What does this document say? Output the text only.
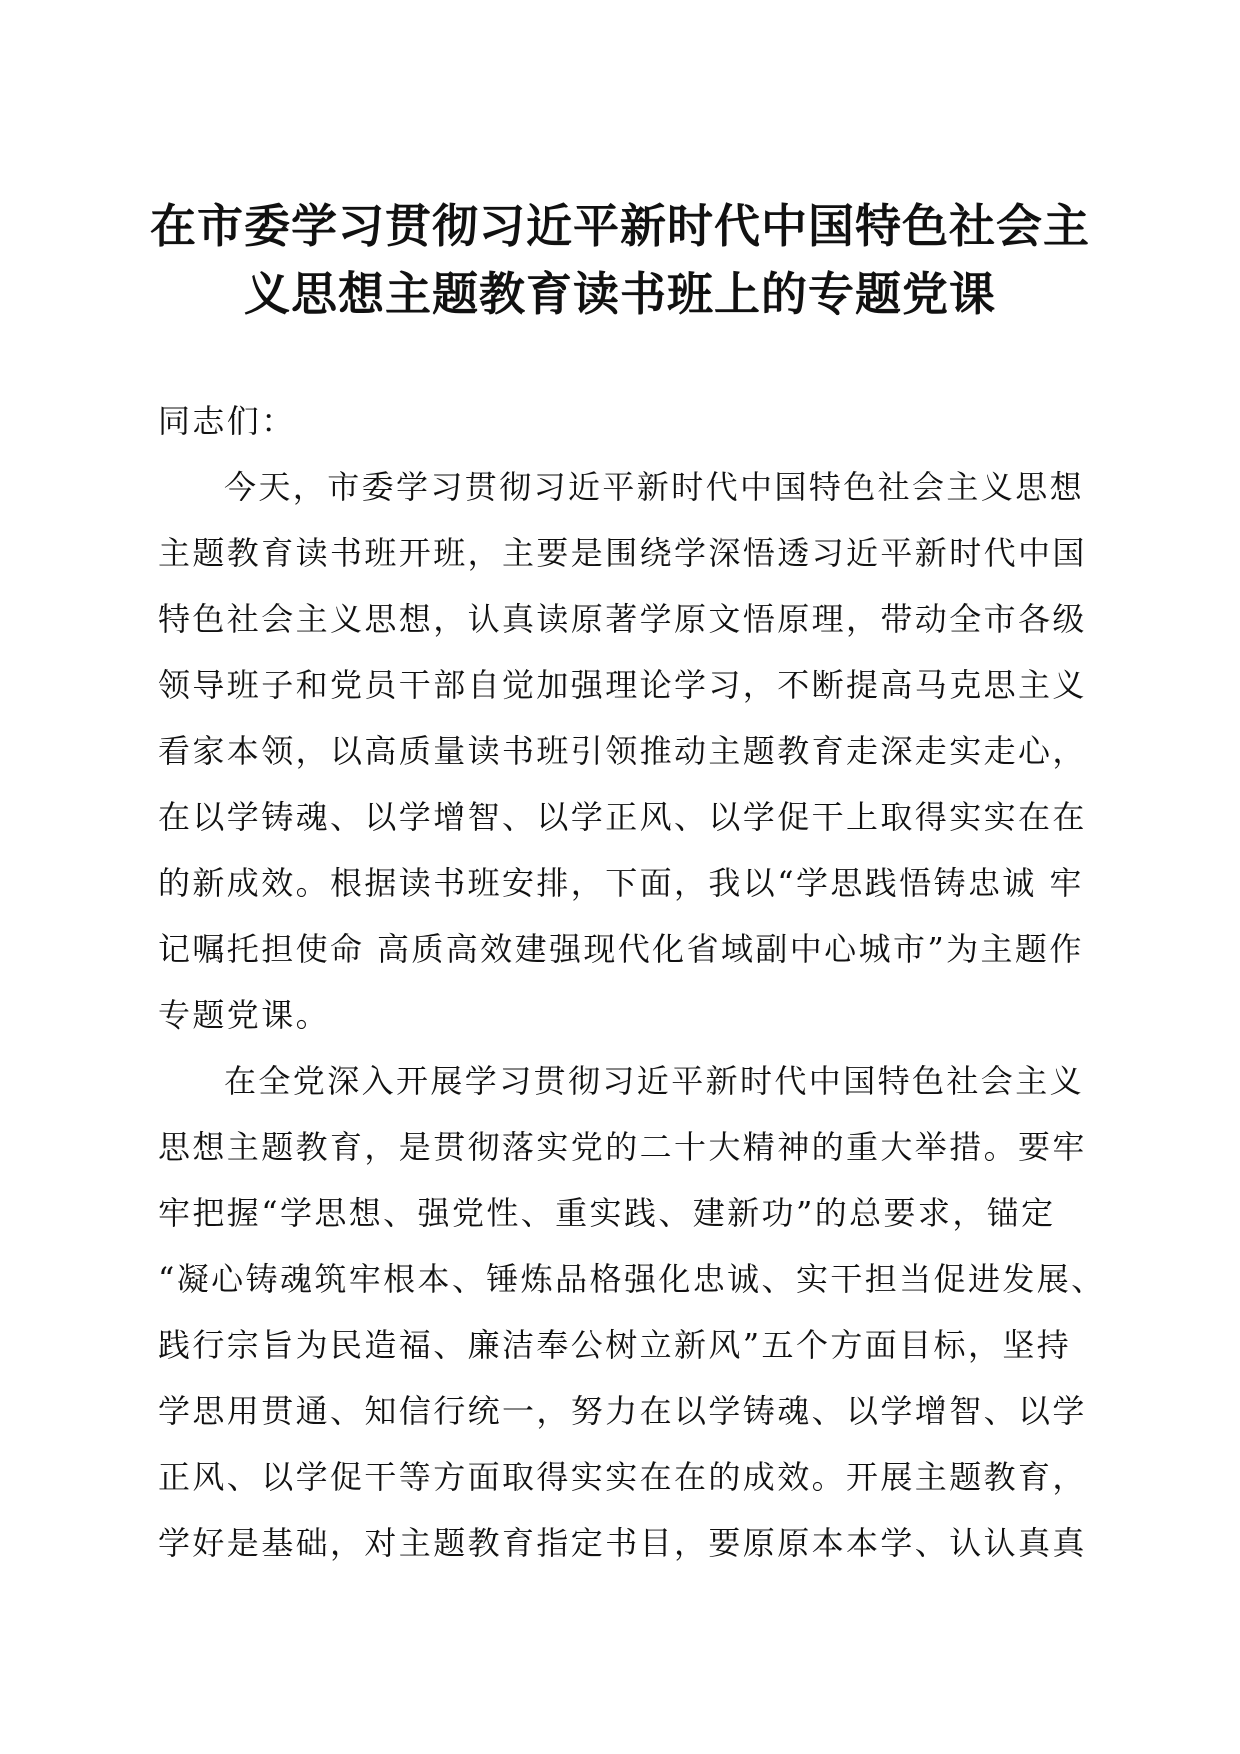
在市委学习贯彻习近平新时代中国特色社会主
义思想主题教育读书班上的专题党课
同志们：
今天，市委学习贯彻习近平新时代中国特色社会主义思想
主题教育读书班开班，主要是围绕学深悟透习近平新时代中国
特色社会主义思想，认真读原著学原文悟原理，带动全市各级
领导班子和党员干部自觉加强理论学习，不断提高马克思主义
看家本领，以高质量读书班引领推动主题教育走深走实走心，
在以学铸魂、以学增智、以学正风、以学促干上取得实实在在
的新成效。根据读书班安排，下面，我以“学思践悟铸忠诚 牢
记嘱托担使命 高质高效建强现代化省域副中心城市”为主题作
专题党课。
在全党深入开展学习贯彻习近平新时代中国特色社会主义
思想主题教育，是贯彻落实党的二十大精神的重大举措。要牢
牢把握“学思想、强党性、重实践、建新功”的总要求，锚定
“凝心铸魂筑牢根本、锤炼品格强化忠诚、实干担当促进发展、
践行宗旨为民造福、廉洁奉公树立新风”五个方面目标，坚持
学思用贯通、知信行统一，努力在以学铸魂、以学增智、以学
正风、以学促干等方面取得实实在在的成效。开展主题教育，
学好是基础，对主题教育指定书目，要原原本本学、认认真真
